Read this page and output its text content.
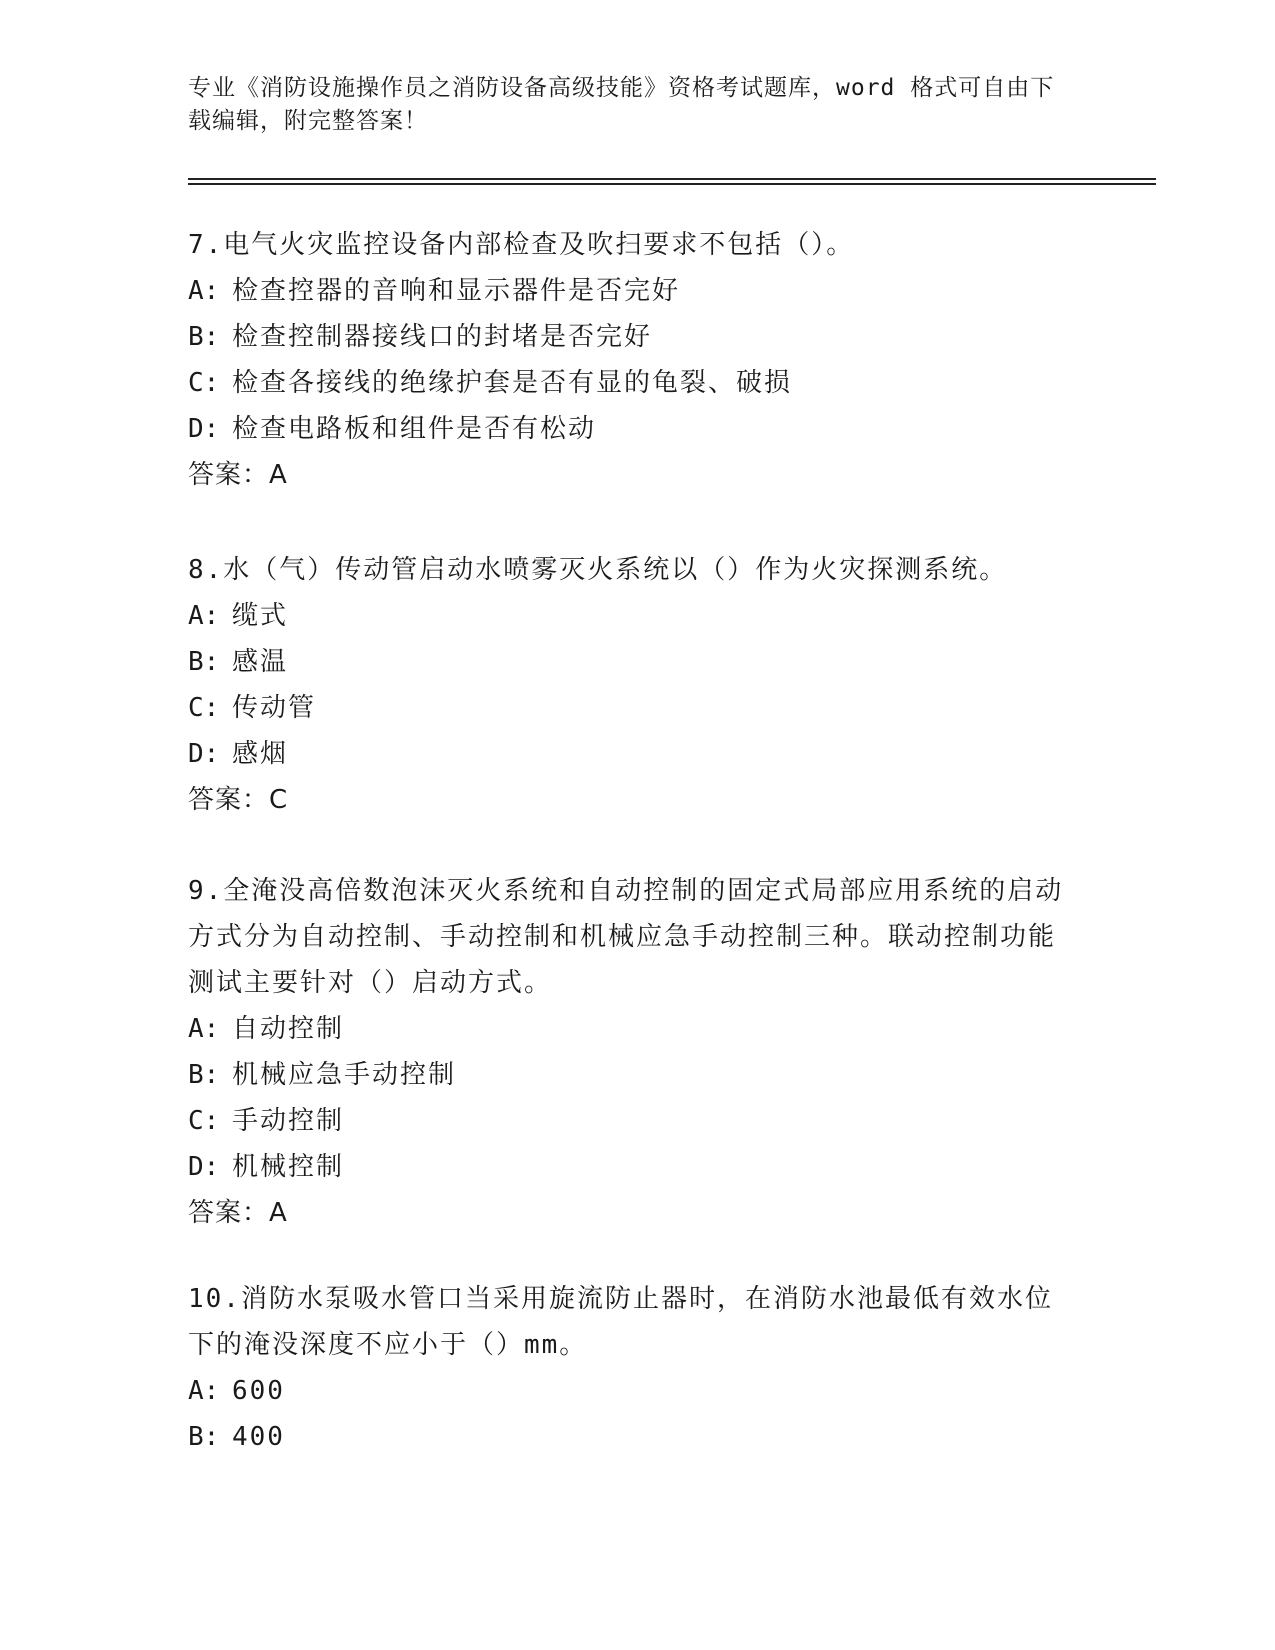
专业《消防设施操作员之消防设备高级技能》资格考试题库，word 格式可自由下载编辑，附完整答案！
7.电气火灾监控设备内部检查及吹扫要求不包括（）。
A: 检查控器的音响和显示器件是否完好
B: 检查控制器接线口的封堵是否完好
C: 检查各接线的绝缘护套是否有显的龟裂、破损
D: 检查电路板和组件是否有松动
答案：A
8.水（气）传动管启动水喷雾灭火系统以（）作为火灾探测系统。
A: 缆式
B: 感温
C: 传动管
D: 感烟
答案：C
9.全淹没高倍数泡沫灭火系统和自动控制的固定式局部应用系统的启动方式分为自动控制、手动控制和机械应急手动控制三种。联动控制功能测试主要针对（）启动方式。
A: 自动控制
B: 机械应急手动控制
C: 手动控制
D: 机械控制
答案：A
10.消防水泵吸水管口当采用旋流防止器时，在消防水池最低有效水位下的淹没深度不应小于（）mm。
A: 600
B: 400
